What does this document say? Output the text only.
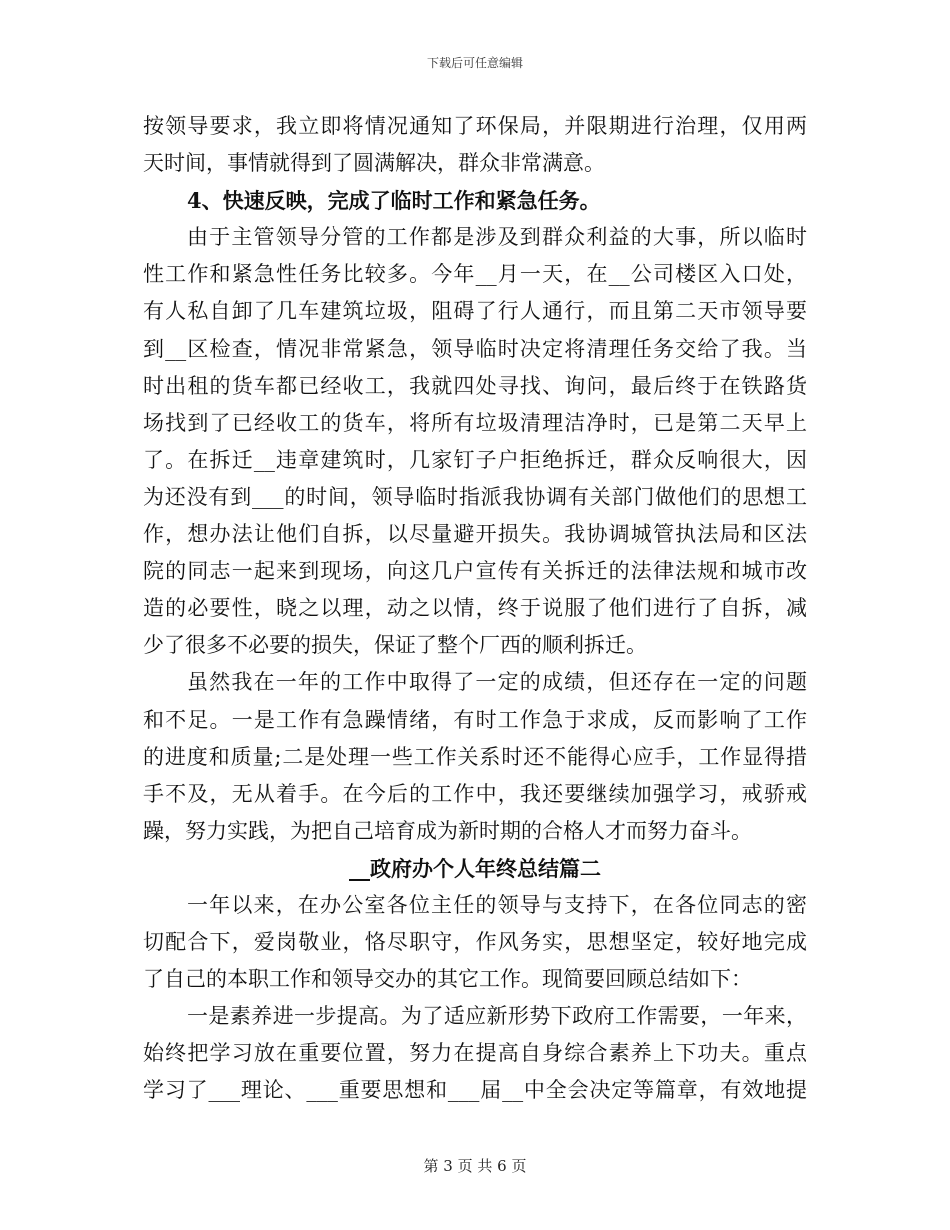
下载后可任意编辑
按领导要求，我立即将情况通知了环保局，并限期进行治理，仅用两
天时间，事情就得到了圆满解决，群众非常满意。
4、快速反映，完成了临时工作和紧急任务。
由于主管领导分管的工作都是涉及到群众利益的大事，所以临时
性工作和紧急性任务比较多。今年__月一天，在__公司楼区入口处，
有人私自卸了几车建筑垃圾，阻碍了行人通行，而且第二天市领导要
到__区检查，情况非常紧急，领导临时决定将清理任务交给了我。当
时出租的货车都已经收工，我就四处寻找、询问，最后终于在铁路货
场找到了已经收工的货车，将所有垃圾清理洁净时，已是第二天早上
了。在拆迁__违章建筑时，几家钉子户拒绝拆迁，群众反响很大，因
为还没有到___的时间，领导临时指派我协调有关部门做他们的思想工
作，想办法让他们自拆，以尽量避开损失。我协调城管执法局和区法
院的同志一起来到现场，向这几户宣传有关拆迁的法律法规和城市改
造的必要性，晓之以理，动之以情，终于说服了他们进行了自拆，减
少了很多不必要的损失，保证了整个厂西的顺利拆迁。
虽然我在一年的工作中取得了一定的成绩，但还存在一定的问题
和不足。一是工作有急躁情绪，有时工作急于求成，反而影响了工作
的进度和质量;二是处理一些工作关系时还不能得心应手，工作显得措
手不及，无从着手。在今后的工作中，我还要继续加强学习，戒骄戒
躁，努力实践，为把自己培育成为新时期的合格人才而努力奋斗。
__政府办个人年终总结篇二
一年以来，在办公室各位主任的领导与支持下，在各位同志的密
切配合下，爱岗敬业，恪尽职守，作风务实，思想坚定，较好地完成
了自己的本职工作和领导交办的其它工作。现简要回顾总结如下：
一是素养进一步提高。为了适应新形势下政府工作需要，一年来，
始终把学习放在重要位置，努力在提高自身综合素养上下功夫。重点
学习了___理论、___重要思想和___届__中全会决定等篇章，有效地提
第 3 页 共 6 页
